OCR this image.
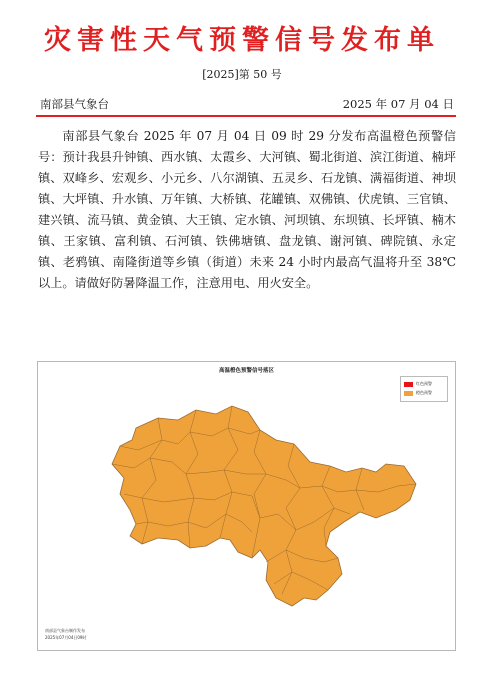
灾害性天气预警信号发布单
[2025]第 50 号
南部县气象台	2025 年 07 月 04 日
南部县气象台 2025 年 07 月 04 日 09 时 29 分发布高温橙色预警信号：预计我县升钟镇、西水镇、太霞乡、大河镇、蜀北街道、滨江街道、楠坪镇、双峰乡、宏观乡、小元乡、八尔湖镇、五灵乡、石龙镇、满福街道、神坝镇、大坪镇、升水镇、万年镇、大桥镇、花罐镇、双佛镇、伏虎镇、三官镇、建兴镇、流马镇、黄金镇、大王镇、定水镇、河坝镇、东坝镇、长坪镇、楠木镇、王家镇、富利镇、石河镇、铁佛塘镇、盘龙镇、谢河镇、碑院镇、永定镇、老鸦镇、南隆街道等乡镇（街道）未来 24 小时内最高气温将升至 38℃以上。请做好防暑降温工作，注意用电、用火安全。
高温橙色预警信号落区
红色预警
橙色预警
南部县气象台制作发布
2025年07月04日09时
